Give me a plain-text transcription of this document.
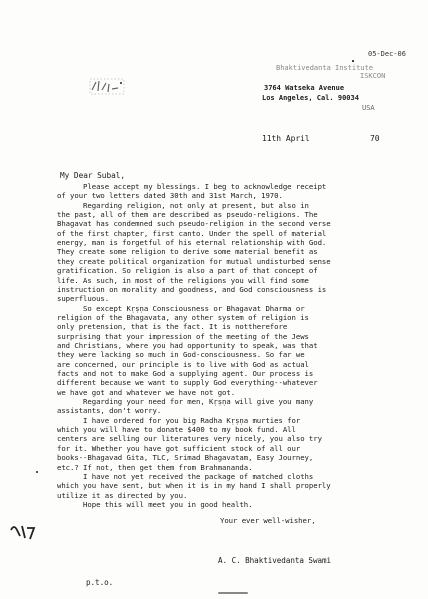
05-Dec-06
Bhaktivedanta Institute
ISKCON
3764 Watseka Avenue
Los Angeles, Cal. 90034
USA
11th April	70
My Dear Subal,
Please accept my blessings. I beg to acknowledge receipt
of your two letters dated 30th and 31st March, 1970.
Regarding religion, not only at present, but also in
the past, all of them are described as pseudo-religions. The
Bhagavat has condemned such pseudo-religion in the second verse
of the first chapter, first canto. Under the spell of material
energy, man is forgetful of his eternal relationship with God.
They create some religion to derive some material benefit as
they create political organization for mutual undisturbed sense
gratification. So religion is also a part of that concept of
life. As such, in most of the religions you will find some
instruction on morality and goodness, and God consciousness is
superfluous.
So except Kṛṣṇa Consciousness or Bhagavat Dharma or
religion of the Bhagavata, any other system of religion is
only pretension, that is the fact. It is nottherefore
surprising that your impression of the meeting of the Jews
and Christians, where you had opportunity to speak, was that
they were lacking so much in God-consciousness. So far we
are concerned, our principle is to live with God as actual
facts and not to make God a supplying agent. Our process is
different because we want to supply God everything--whatever
we have got and whatever we have not got.
Regarding your need for men, Kṛṣṇa will give you many
assistants, don't worry.
I have ordered for you big Radha Kṛṣṇa murties for
which you will have to donate $400 to my book fund. All
centers are selling our literatures very nicely, you also try
for it. Whether you have got sufficient stock of all our
books--Bhagavad Gita, TLC, Srimad Bhagavatam, Easy Journey,
etc.? If not, then get them from Brahmananda.
I have not yet received the package of matched cloths
which you have sent, but when it is in my hand I shall properly
utilize it as directed by you.
Hope this will meet you in good health.
Your ever well-wisher,
A. C. Bhaktivedanta Swami
p.t.o.
